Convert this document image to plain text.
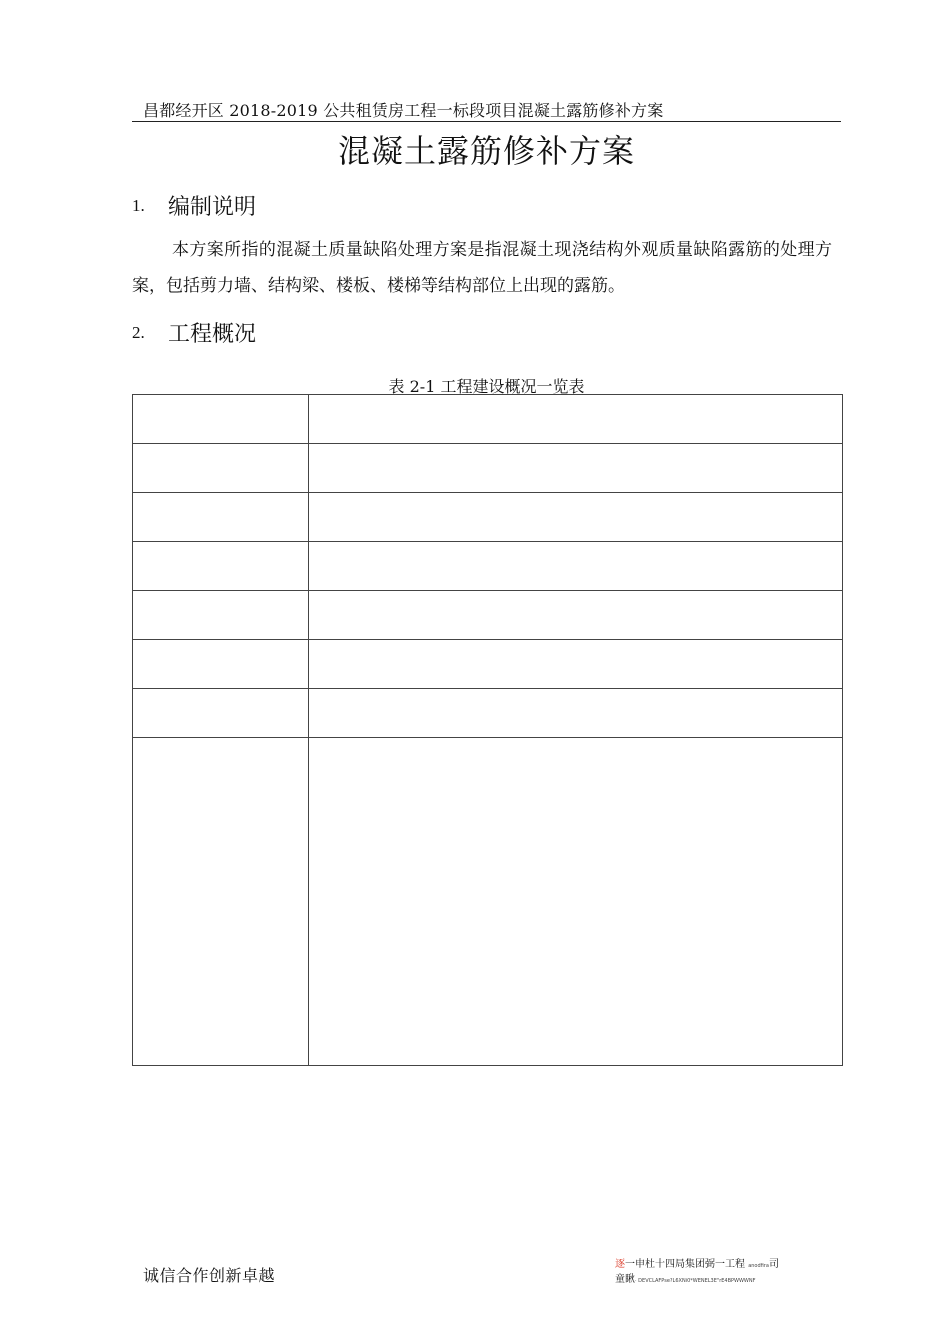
昌都经开区 2018-2019 公共租赁房工程一标段项目混凝土露筋修补方案
混凝土露筋修补方案
1. 编制说明
本方案所指的混凝土质量缺陷处理方案是指混凝土现浇结构外观质量缺陷露筋的处理方案，包括剪力墙、结构梁、楼板、楼梯等结构部位上出现的露筋。
2. 工程概况
表 2-1 工程建设概况一览表

诚信合作创新卓越
逐一申杜十四局集团弼一工程 anodfira司
童瞅· DEVCLAFPse?L6XNi0*WENEL3E"rE4BPWWWNF
